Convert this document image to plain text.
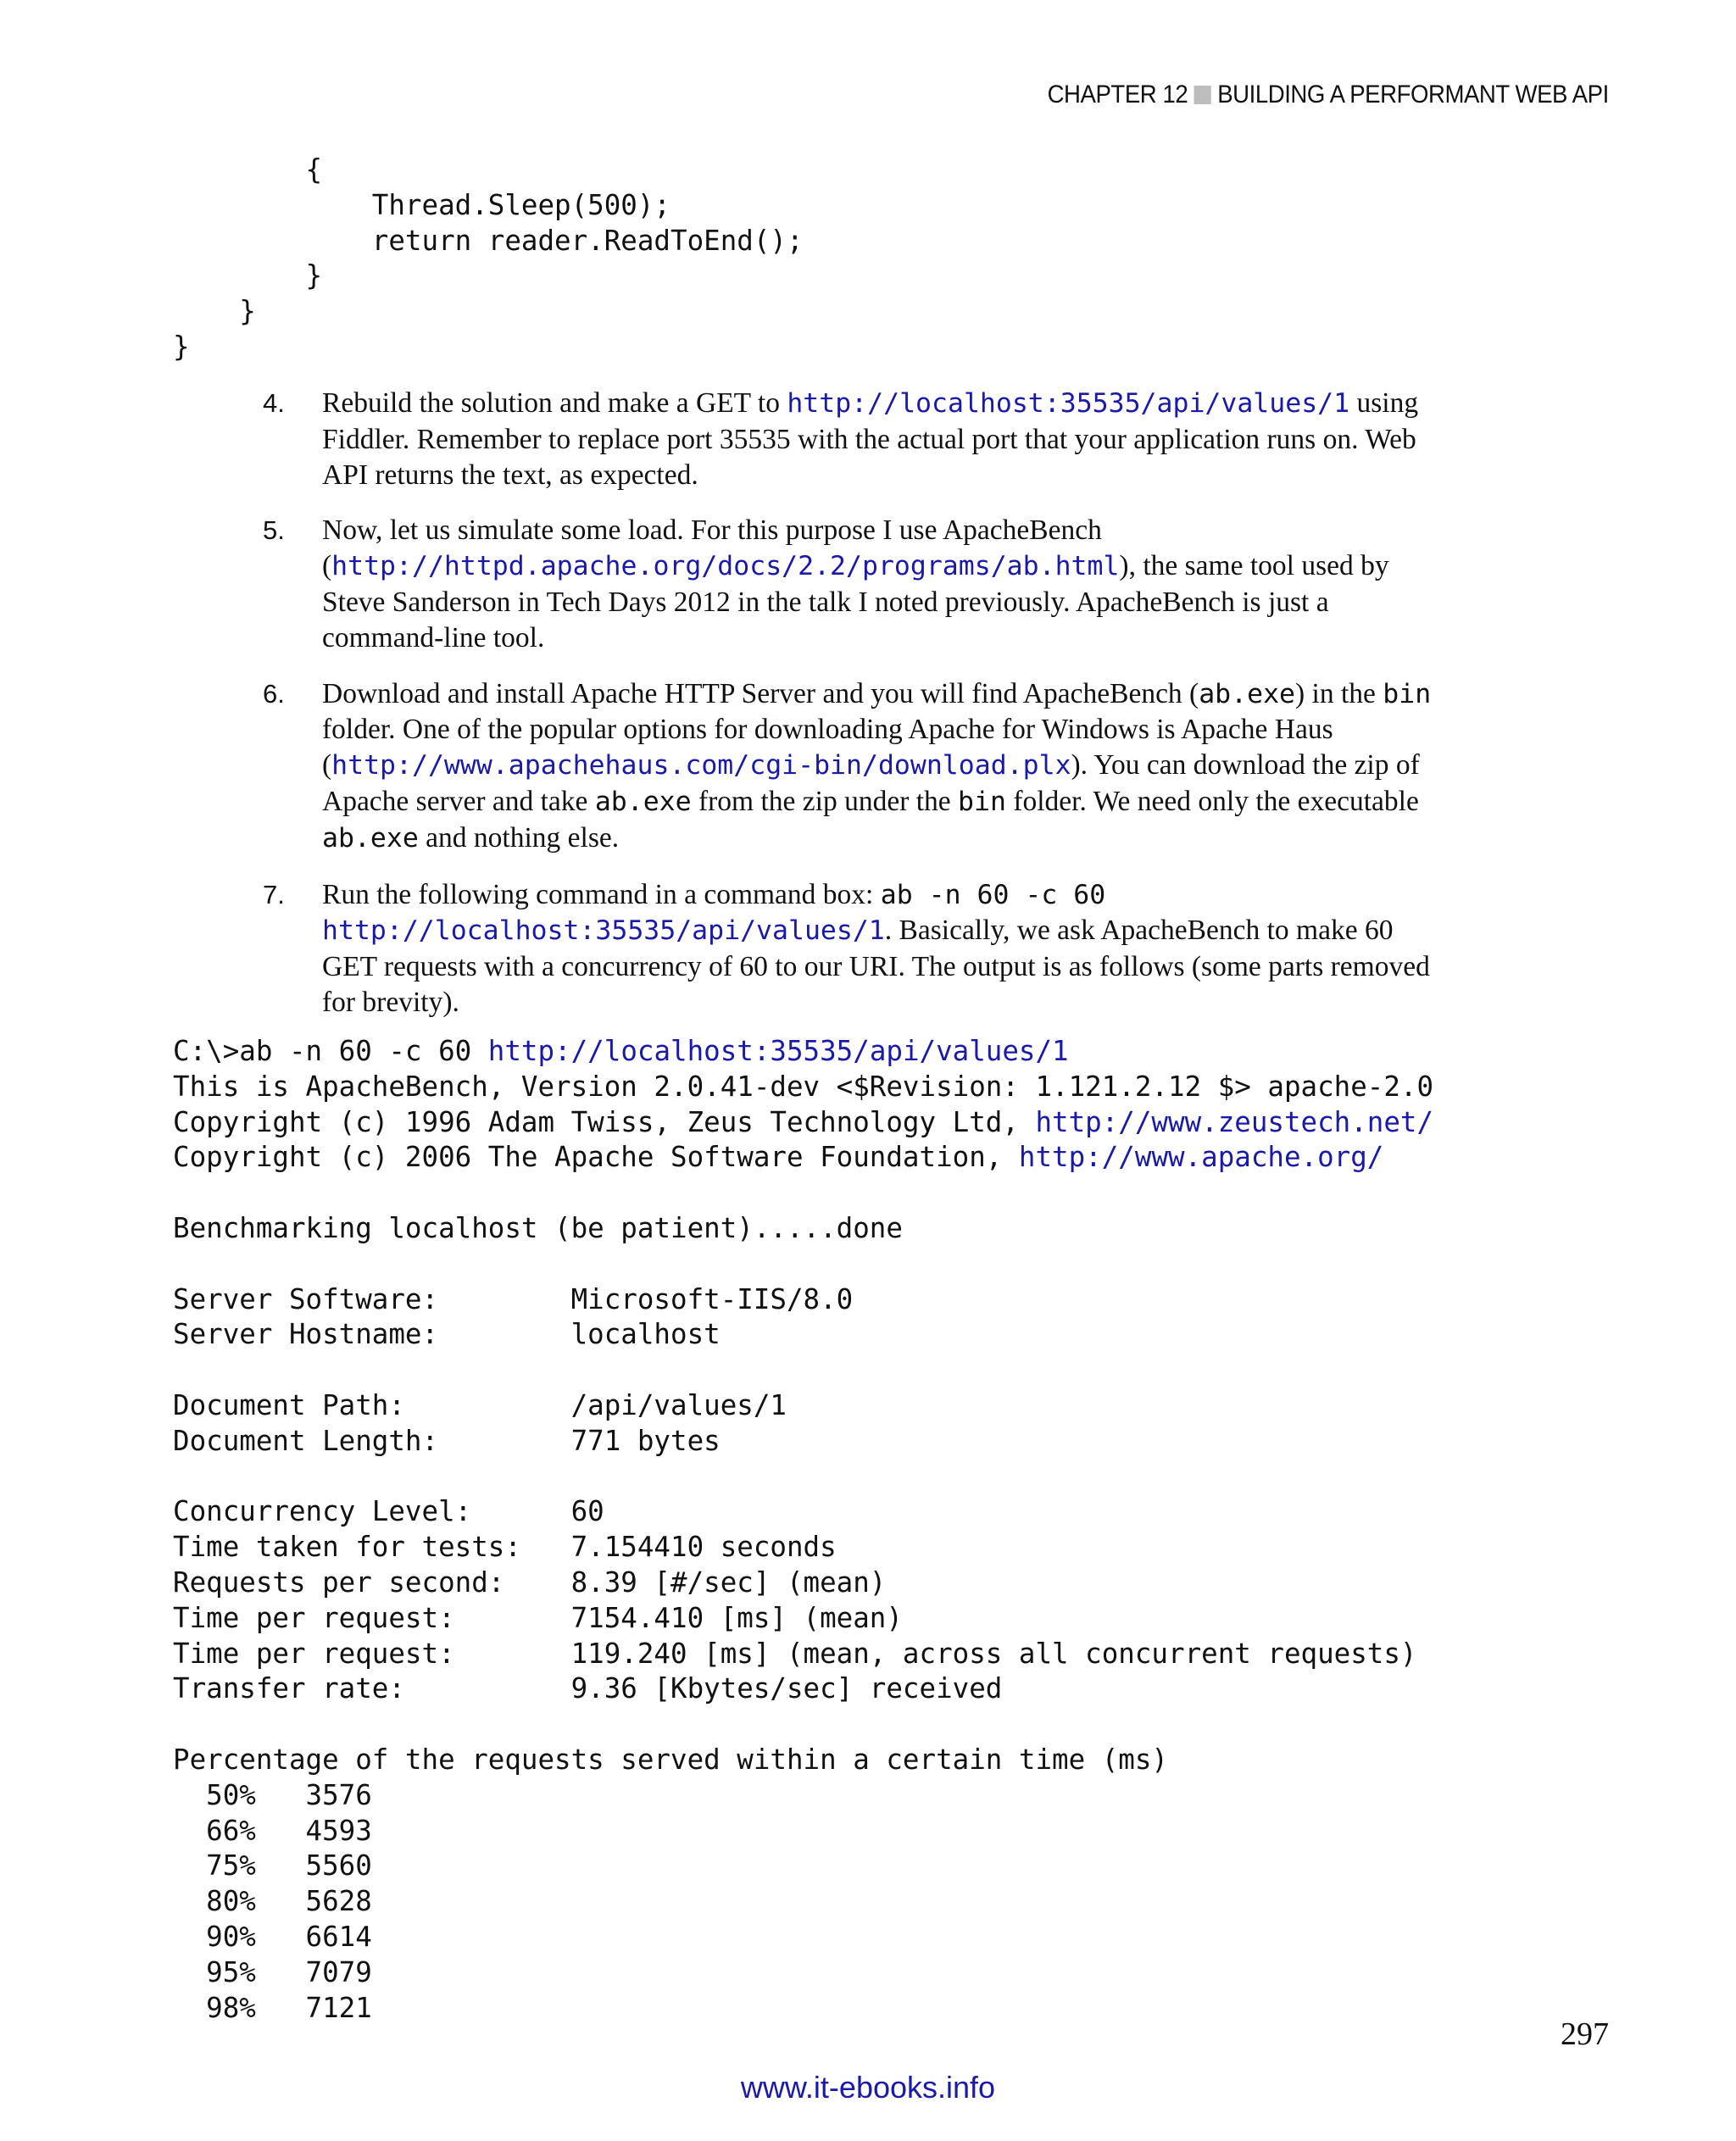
CHAPTER 12 BUILDING A PERFORMANT WEB API
{
Thread.Sleep(500);
return reader.ReadToEnd();
}
}
}
4. Rebuild the solution and make a GET to http://localhost:35535/api/values/1 using Fiddler. Remember to replace port 35535 with the actual port that your application runs on. Web API returns the text, as expected.
5. Now, let us simulate some load. For this purpose I use ApacheBench (http://httpd.apache.org/docs/2.2/programs/ab.html), the same tool used by Steve Sanderson in Tech Days 2012 in the talk I noted previously. ApacheBench is just a command-line tool.
6. Download and install Apache HTTP Server and you will find ApacheBench (ab.exe) in the bin folder. One of the popular options for downloading Apache for Windows is Apache Haus (http://www.apachehaus.com/cgi-bin/download.plx). You can download the zip of Apache server and take ab.exe from the zip under the bin folder. We need only the executable ab.exe and nothing else.
7. Run the following command in a command box: ab -n 60 -c 60 http://localhost:35535/api/values/1. Basically, we ask ApacheBench to make 60 GET requests with a concurrency of 60 to our URI. The output is as follows (some parts removed for brevity).
C:\>ab -n 60 -c 60 http://localhost:35535/api/values/1
This is ApacheBench, Version 2.0.41-dev <$Revision: 1.121.2.12 $> apache-2.0
Copyright (c) 1996 Adam Twiss, Zeus Technology Ltd, http://www.zeustech.net/
Copyright (c) 2006 The Apache Software Foundation, http://www.apache.org/

Benchmarking localhost (be patient).....done

Server Software:        Microsoft-IIS/8.0
Server Hostname:        localhost

Document Path:          /api/values/1
Document Length:        771 bytes

Concurrency Level:      60
Time taken for tests:   7.154410 seconds
Requests per second:    8.39 [#/sec] (mean)
Time per request:       7154.410 [ms] (mean)
Time per request:       119.240 [ms] (mean, across all concurrent requests)
Transfer rate:          9.36 [Kbytes/sec] received

Percentage of the requests served within a certain time (ms)
50%   3576
66%   4593
75%   5560
80%   5628
90%   6614
95%   7079
98%   7121
297
www.it-ebooks.info
